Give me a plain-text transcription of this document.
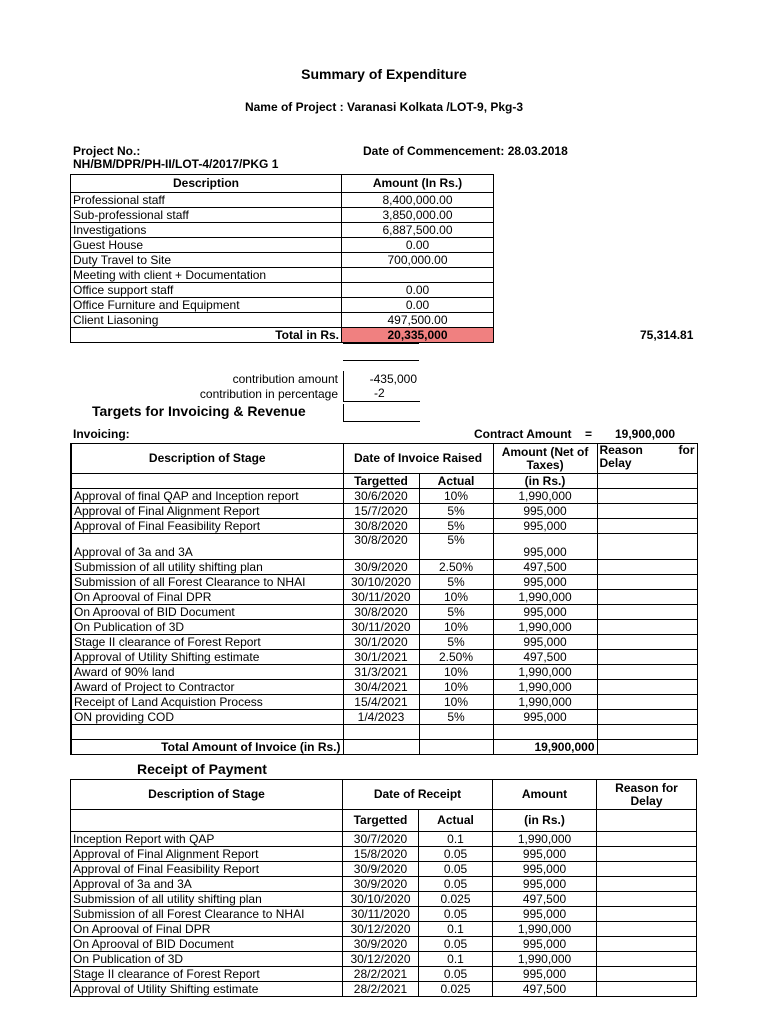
Summary of Expenditure
Name of Project : Varanasi Kolkata /LOT-9, Pkg-3
Project No.:
NH/BM/DPR/PH-II/LOT-4/2017/PKG 1
Date of Commencement: 28.03.2018
Description	Amount (In Rs.)
Professional staff	8,400,000.00
Sub-professional staff	3,850,000.00
Investigations	6,887,500.00
Guest House	0.00
Duty Travel to Site	700,000.00
Meeting with client + Documentation	
Office support staff	0.00
Office Furniture and Equipment	0.00
Client Liasoning	497,500.00
Total in Rs.	20,335,000	75,314.81
contribution amount	-435,000
contribution in percentage	-2
Targets for Invoicing & Revenue
Invoicing:	Contract Amount = 19,900,000
Description of Stage	Date of Invoice Raised		Amount (Net of Taxes)	Reason for
Delay

	Targetted	Actual	(in Rs.)	
Approval of final QAP and Inception report	30/6/2020	10%	1,990,000	
Approval of Final Alignment Report	15/7/2020	5%	995,000	
Approval of Final Feasibility Report	30/8/2020	5%	995,000	
Approval of 3a and 3A	30/8/2020	5%	995,000	
Submission of all utility shifting plan	30/9/2020	2.50%	497,500	
Submission of all Forest Clearance to NHAI	30/10/2020	5%	995,000	
On Aprooval of Final DPR	30/11/2020	10%	1,990,000	
On Aprooval of BID Document	30/8/2020	5%	995,000	
On Publication of 3D	30/11/2020	10%	1,990,000	
Stage II clearance of Forest Report	30/1/2020	5%	995,000	
Approval of Utility Shifting estimate	30/1/2021	2.50%	497,500	
Award of 90% land	31/3/2021	10%	1,990,000	
Award of Project to Contractor	30/4/2021	10%	1,990,000	
Receipt of Land Acquistion Process	15/4/2021	10%	1,990,000	
ON providing COD	1/4/2023	5%	995,000	

Total Amount of Invoice (in Rs.)			19,900,000	
Receipt of Payment
Description of Stage	Date of Receipt		Amount	Reason for Delay
	Targetted	Actual	(in Rs.)	
Inception Report with QAP	30/7/2020	0.1	1,990,000	
Approval of Final Alignment Report	15/8/2020	0.05	995,000	
Approval of Final Feasibility Report	30/9/2020	0.05	995,000	
Approval of 3a and 3A	30/9/2020	0.05	995,000	
Submission of all utility shifting plan	30/10/2020	0.025	497,500	
Submission of all Forest Clearance to NHAI	30/11/2020	0.05	995,000	
On Aprooval of Final DPR	30/12/2020	0.1	1,990,000	
On Aprooval of BID Document	30/9/2020	0.05	995,000	
On Publication of 3D	30/12/2020	0.1	1,990,000	
Stage II clearance of Forest Report	28/2/2021	0.05	995,000	
Approval of Utility Shifting estimate	28/2/2021	0.025	497,500	
